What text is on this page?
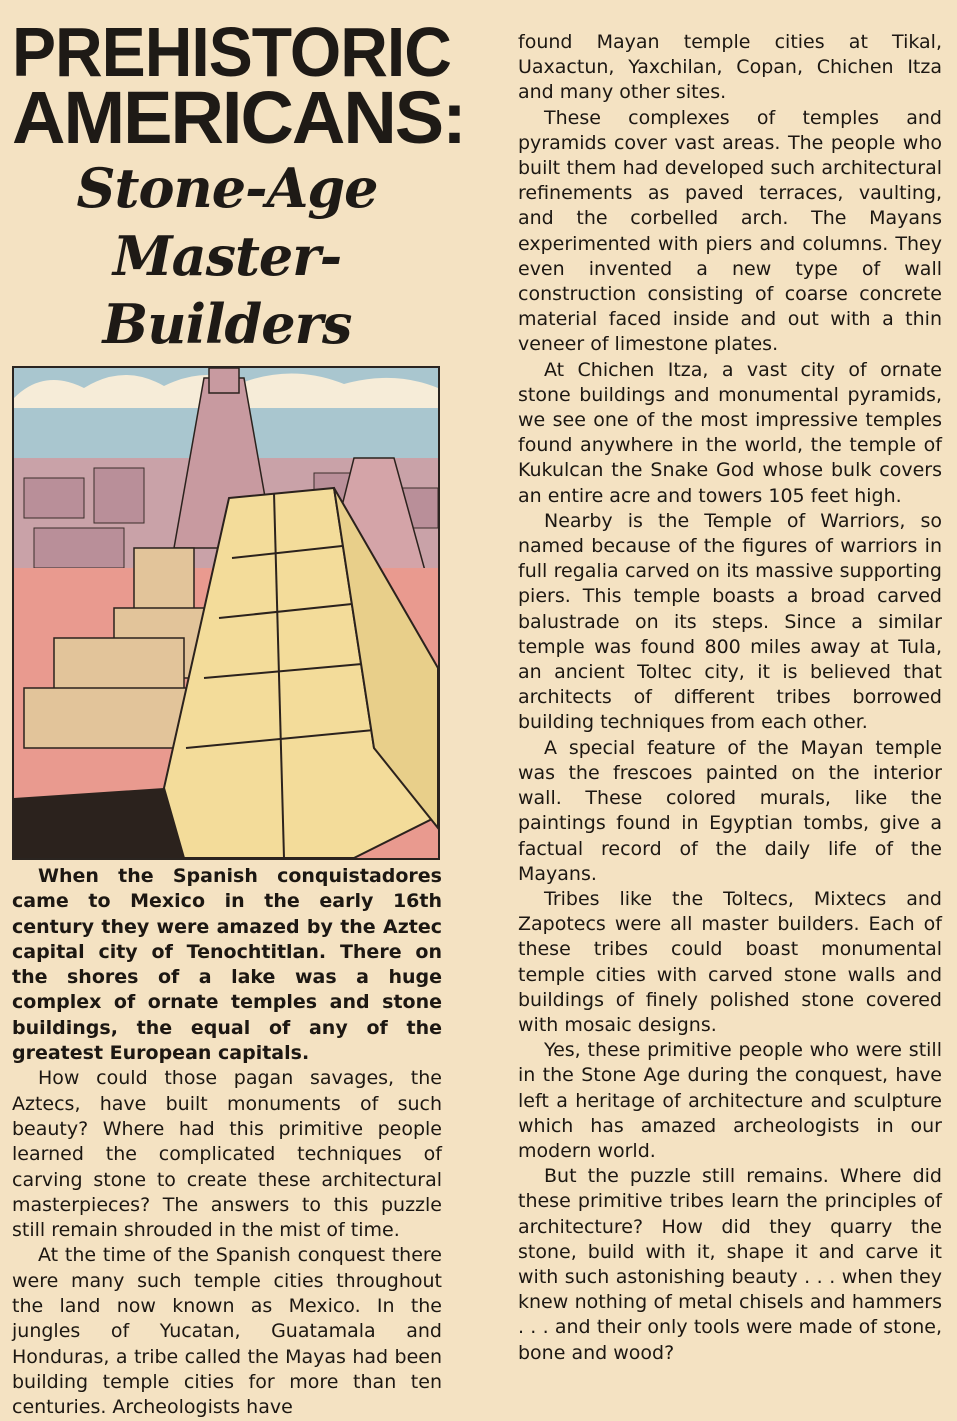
PREHISTORIC
AMERICANS:
Stone-Age
Master-Builders

When the Spanish conquistadores came to Mexico in the early 16th century they were amazed by the Aztec capital city of Tenochtitlan. There on the shores of a lake was a huge complex of ornate temples and stone buildings, the equal of any of the greatest European capitals.

How could those pagan savages, the Aztecs, have built monuments of such beauty? Where had this primitive people learned the complicated techniques of carving stone to create these architectural masterpieces? The answers to this puzzle still remain shrouded in the mist of time.

At the time of the Spanish conquest there were many such temple cities throughout the land now known as Mexico. In the jungles of Yucatan, Guatamala and Honduras, a tribe called the Mayas had been building temple cities for more than ten centuries. Archeologists have

found Mayan temple cities at Tikal, Uaxactun, Yaxchilan, Copan, Chichen Itza and many other sites.

These complexes of temples and pyramids cover vast areas. The people who built them had developed such architectural refinements as paved terraces, vaulting, and the corbelled arch. The Mayans experimented with piers and columns. They even invented a new type of wall construction consisting of coarse concrete material faced inside and out with a thin veneer of limestone plates.

At Chichen Itza, a vast city of ornate stone buildings and monumental pyramids, we see one of the most impressive temples found anywhere in the world, the temple of Kukulcan the Snake God whose bulk covers an entire acre and towers 105 feet high.

Nearby is the Temple of Warriors, so named because of the figures of warriors in full regalia carved on its massive supporting piers. This temple boasts a broad carved balustrade on its steps. Since a similar temple was found 800 miles away at Tula, an ancient Toltec city, it is believed that architects of different tribes borrowed building techniques from each other.

A special feature of the Mayan temple was the frescoes painted on the interior wall. These colored murals, like the paintings found in Egyptian tombs, give a factual record of the daily life of the Mayans.

Tribes like the Toltecs, Mixtecs and Zapotecs were all master builders. Each of these tribes could boast monumental temple cities with carved stone walls and buildings of finely polished stone covered with mosaic designs.

Yes, these primitive people who were still in the Stone Age during the conquest, have left a heritage of architecture and sculpture which has amazed archeologists in our modern world.

But the puzzle still remains. Where did these primitive tribes learn the principles of architecture? How did they quarry the stone, build with it, shape it and carve it with such astonishing beauty . . . when they knew nothing of metal chisels and hammers . . . and their only tools were made of stone, bone and wood?
